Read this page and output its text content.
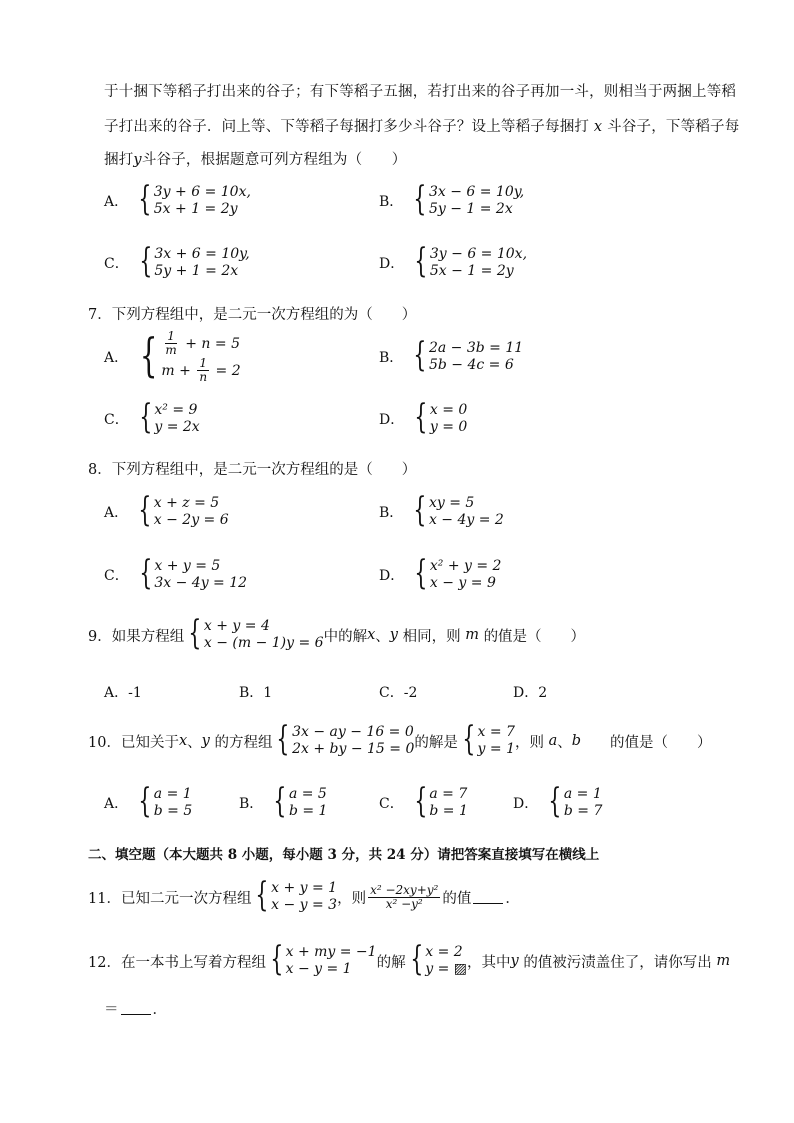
于十捆下等稻子打出来的谷子；有下等稻子五捆，若打出来的谷子再加一斗，则相当于两捆上等稻
子打出来的谷子．问上等、下等稻子每捆打多少斗谷子？设上等稻子每捆打 x 斗谷子，下等稻子每
捆打y斗谷子，根据题意可列方程组为（　　）
A． { 3y + 6 = 10x,
5x + 1 = 2y	B． { 3x − 6 = 10y,
5y − 1 = 2x
C． { 3x + 6 = 10y,
5y + 1 = 2x	D． { 3y − 6 = 10x,
5x − 1 = 2y
7．下列方程组中，是二元一次方程组的为（　　）
A． { $\frac{1}{m}$
+ n = 5
m +
$\frac{1}{n}$
= 2
B． { 2a − 3b = 11
5b − 4c = 6
C． { x² = 9
y = 2x	D． { x = 0
y = 0
8．下列方程组中，是二元一次方程组的是（　　）
A． { x + z = 5
x − 2y = 6	B． { xy = 5
x − 4y = 2
C． { x + y = 5
3x − 4y = 12	D． { x² + y = 2
x − y = 9
9．如果方程组 { x + y = 4
x − (m − 1)y = 6 中的解 x 、 y
相同，则
m
的值是（　　）
A．-1	B．1	C．-2	D．2
10．已知关于 x 、 y
的方程组 { 3x − ay − 16 = 0
2x + by − 15 = 0 的解是 { x = 7
y = 1 ，则
a 、 b 　　的值是（　　）
A． { a = 1
b = 5	B． { a = 5
b = 1	C． { a = 7
b = 1	D． { a = 1
b = 7
二、填空题（本大题共 8 小题，每小题 3 分，共 24 分）请把答案直接填写在横线上
11．已知二元一次方程组 { x + y = 1
x − y = 3 ，则 $\frac{\text{x² −2xy+y²}}{\text{x² −y²}}$ 的值 ．
12．在一本书上写着方程组 { x + my = −1
x − y = 1	的解 { x = 2
y = ▨ ，其中 y
的值被污渍盖住了，请你写出
m
＝ ．
